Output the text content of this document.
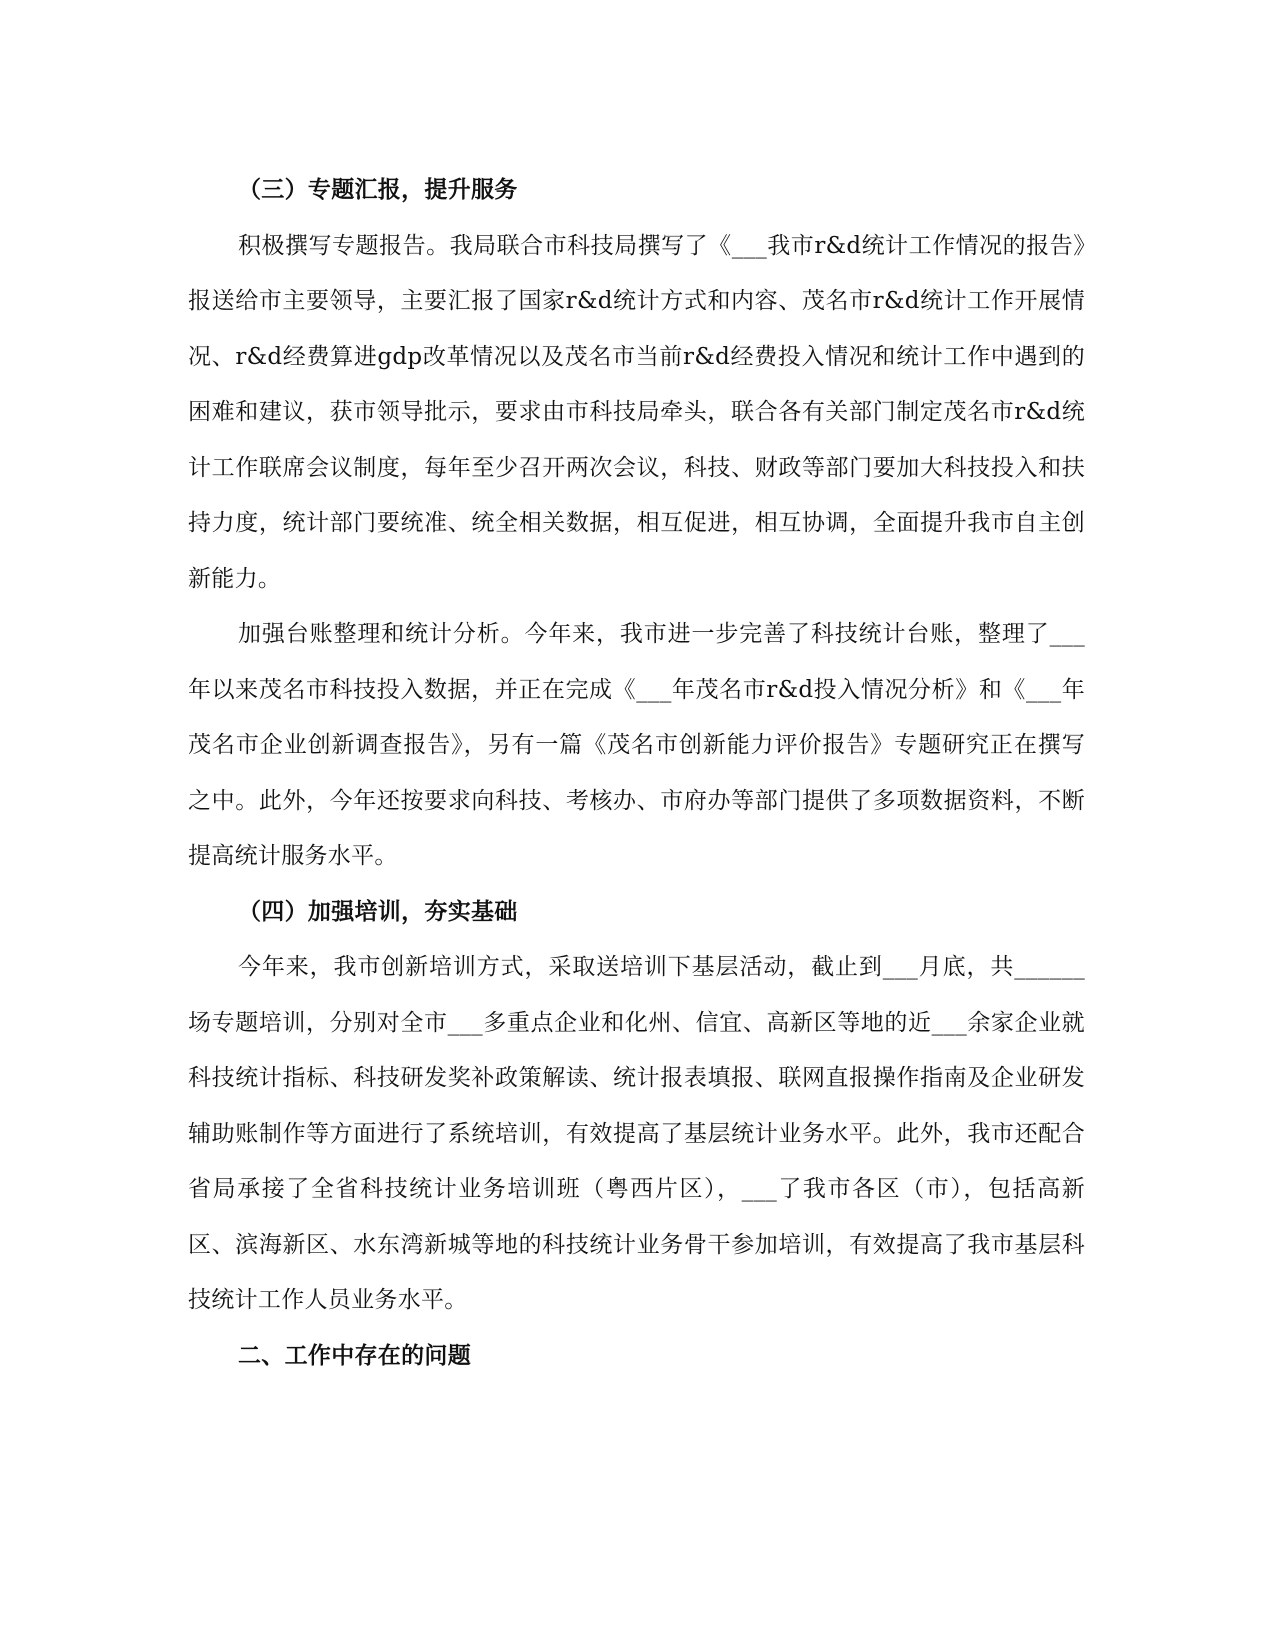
（三）专题汇报，提升服务

积极撰写专题报告。我局联合市科技局撰写了《___我市r&d统计工作情况的报告》报送给市主要领导，主要汇报了国家r&d统计方式和内容、茂名市r&d统计工作开展情况、r&d经费算进gdp改革情况以及茂名市当前r&d经费投入情况和统计工作中遇到的困难和建议，获市领导批示，要求由市科技局牵头，联合各有关部门制定茂名市r&d统计工作联席会议制度，每年至少召开两次会议，科技、财政等部门要加大科技投入和扶持力度，统计部门要统准、统全相关数据，相互促进，相互协调，全面提升我市自主创新能力。

加强台账整理和统计分析。今年来，我市进一步完善了科技统计台账，整理了___年以来茂名市科技投入数据，并正在完成《___年茂名市r&d投入情况分析》和《___年茂名市企业创新调查报告》，另有一篇《茂名市创新能力评价报告》专题研究正在撰写之中。此外，今年还按要求向科技、考核办、市府办等部门提供了多项数据资料，不断提高统计服务水平。

（四）加强培训，夯实基础

今年来，我市创新培训方式，采取送培训下基层活动，截止到___月底，共______场专题培训，分别对全市___多重点企业和化州、信宜、高新区等地的近___余家企业就科技统计指标、科技研发奖补政策解读、统计报表填报、联网直报操作指南及企业研发辅助账制作等方面进行了系统培训，有效提高了基层统计业务水平。此外，我市还配合省局承接了全省科技统计业务培训班（粤西片区），___了我市各区（市），包括高新区、滨海新区、水东湾新城等地的科技统计业务骨干参加培训，有效提高了我市基层科技统计工作人员业务水平。

二、工作中存在的问题
